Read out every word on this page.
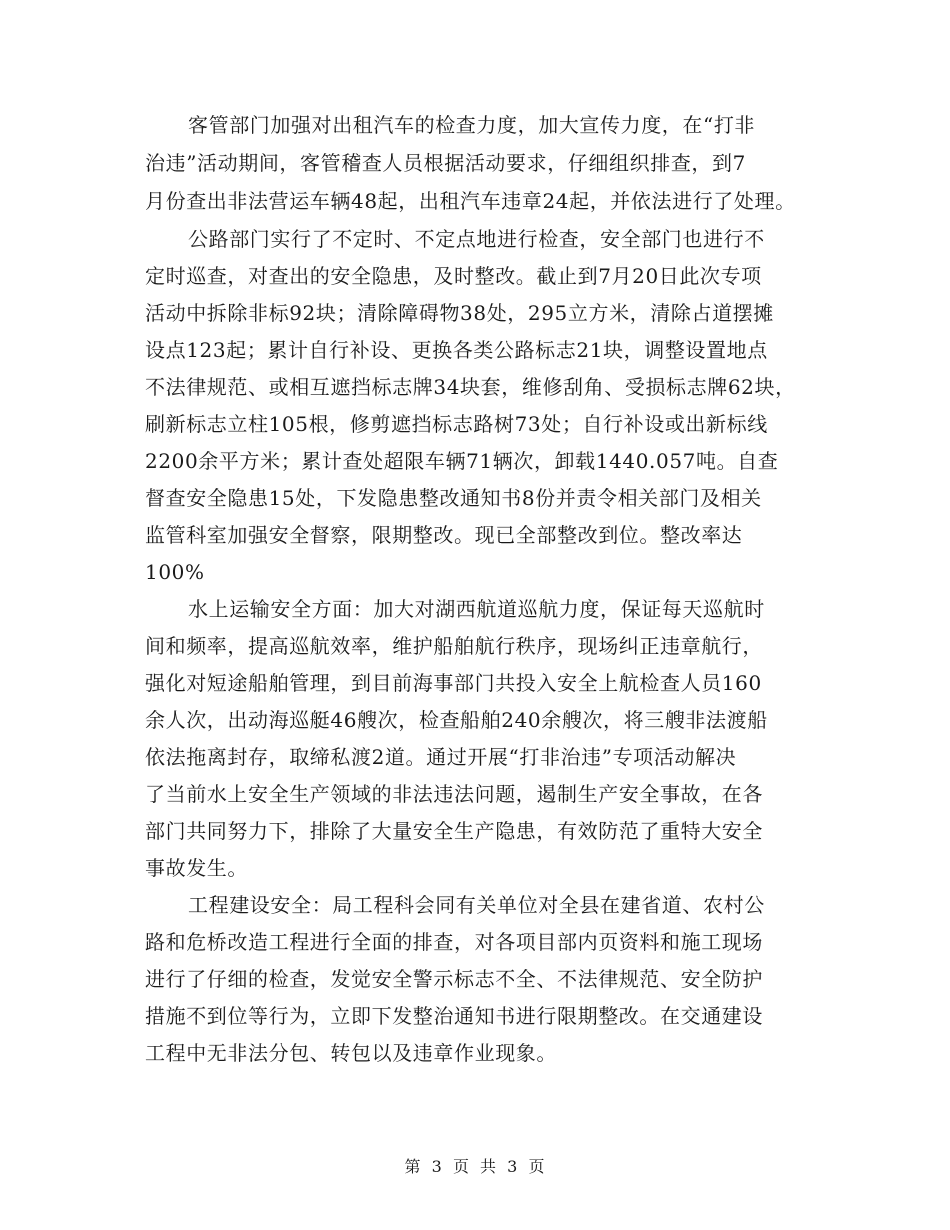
客管部门加强对出租汽车的检查力度，加大宣传力度，在“打非
治违”活动期间，客管稽查人员根据活动要求，仔细组织排查，到7
月份查出非法营运车辆48起，出租汽车违章24起，并依法进行了处理。
公路部门实行了不定时、不定点地进行检查，安全部门也进行不
定时巡查，对查出的安全隐患，及时整改。截止到7月20日此次专项
活动中拆除非标92块；清除障碍物38处，295立方米，清除占道摆摊
设点123起；累计自行补设、更换各类公路标志21块，调整设置地点
不法律规范、或相互遮挡标志牌34块套，维修刮角、受损标志牌62块，
刷新标志立柱105根，修剪遮挡标志路树73处；自行补设或出新标线
2200余平方米；累计查处超限车辆71辆次，卸载1440.057吨。自查
督查安全隐患15处，下发隐患整改通知书8份并责令相关部门及相关
监管科室加强安全督察，限期整改。现已全部整改到位。整改率达
100%
水上运输安全方面：加大对湖西航道巡航力度，保证每天巡航时
间和频率，提高巡航效率，维护船舶航行秩序，现场纠正违章航行，
强化对短途船舶管理，到目前海事部门共投入安全上航检查人员160
余人次，出动海巡艇46艘次，检查船舶240余艘次，将三艘非法渡船
依法拖离封存，取缔私渡2道。通过开展“打非治违”专项活动解决
了当前水上安全生产领域的非法违法问题，遏制生产安全事故，在各
部门共同努力下，排除了大量安全生产隐患，有效防范了重特大安全
事故发生。
工程建设安全：局工程科会同有关单位对全县在建省道、农村公
路和危桥改造工程进行全面的排查，对各项目部内页资料和施工现场
进行了仔细的检查，发觉安全警示标志不全、不法律规范、安全防护
措施不到位等行为，立即下发整治通知书进行限期整改。在交通建设
工程中无非法分包、转包以及违章作业现象。
第 3 页 共 3 页
